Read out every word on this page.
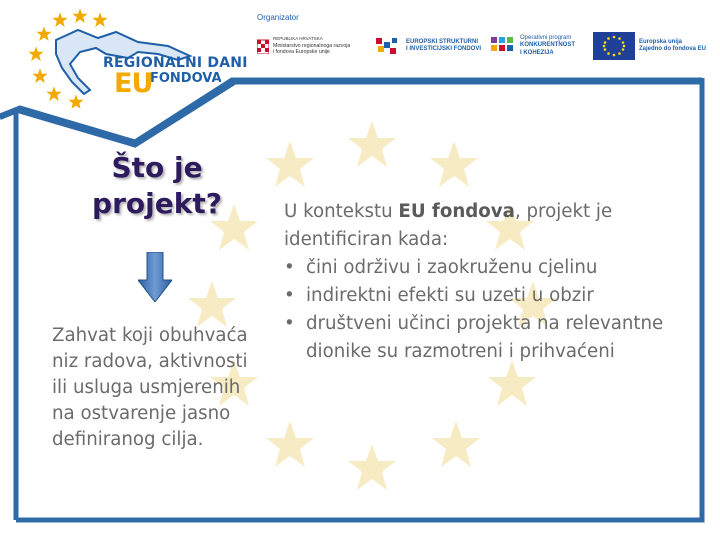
REGIONALNI DANI
EU
FONDOVA
Organizator
REPUBLIKA HRVATSKA
Ministarstvo regionalnoga razvoja
i fondova Europske unije
EUROPSKI STRUKTURNI
I INVESTICIJSKI FONDOVI
Operativni program
KONKURENTNOST
I KOHEZIJA
Europska unija
Zajedno do fondova EU
Što je
projekt?
Zahvat koji obuhvaća niz radova, aktivnosti ili usluga usmjerenih na ostvarenje jasno definiranog cilja.

U kontekstu EU fondova, projekt je identificiran kada:

• čini održivu i zaokruženu cjelinu
• indirektni efekti su uzeti u obzir
• društveni učinci projekta na relevantne dionike su razmotreni i prihvaćeni
